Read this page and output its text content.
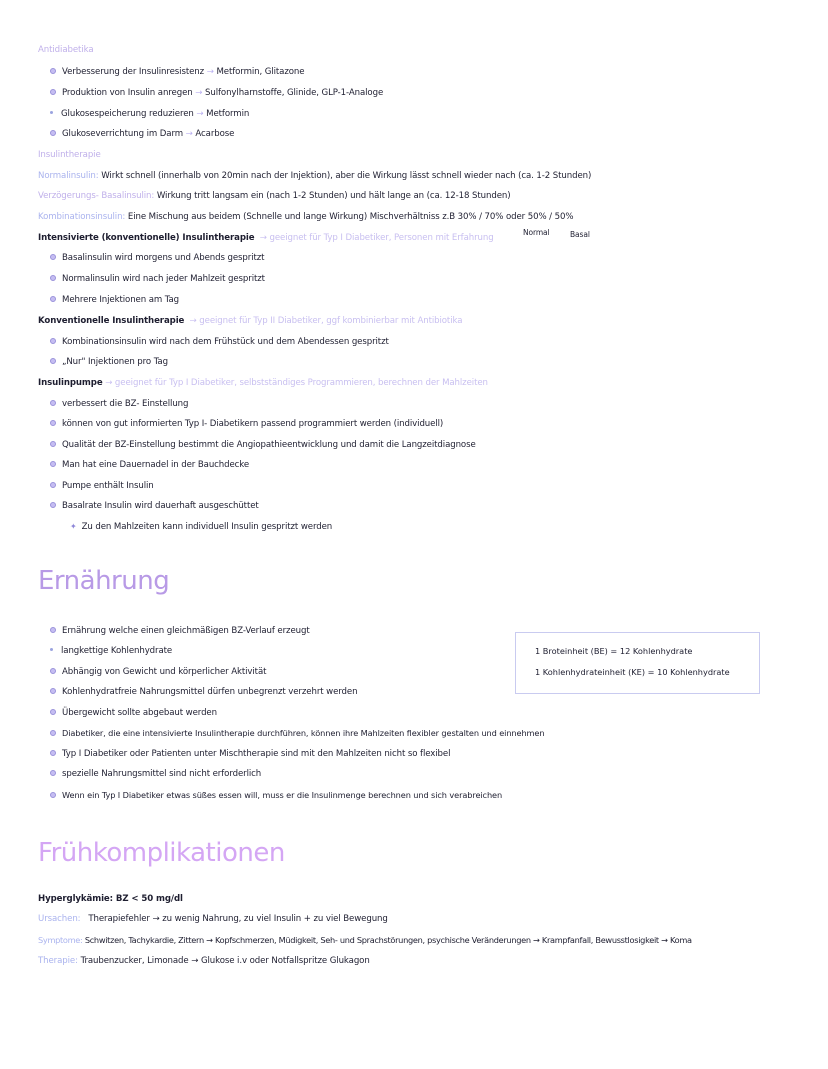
Antidiabetika
Verbesserung der Insulinresistenz → Metformin, Glitazone
Produktion von Insulin anregen → Sulfonylharnstoffe, Glinide, GLP-1-Analoge
Glukosespeicherung reduzieren → Metformin
Glukoseverrichtung im Darm → Acarbose
Insulintherapie
Normalinsulin: Wirkt schnell (innerhalb von 20min nach der Injektion), aber die Wirkung lässt schnell wieder nach (ca. 1-2 Stunden)
Verzögerungs- Basalinsulin: Wirkung tritt langsam ein (nach 1-2 Stunden) und hält lange an (ca. 12-18 Stunden)
Kombinationsinsulin: Eine Mischung aus beidem (Schnelle und lange Wirkung) Mischverhältniss z.B 30% / 70% oder 50% / 50%
Normal	Basal
Intensivierte (konventionelle) Insulintherapie → geeignet für Typ I Diabetiker, Personen mit Erfahrung
Basalinsulin wird morgens und Abends gespritzt
Normalinsulin wird nach jeder Mahlzeit gespritzt
Mehrere Injektionen am Tag
Konventionelle Insulintherapie → geeignet für Typ II Diabetiker, ggf kombinierbar mit Antibiotika
Kombinationsinsulin wird nach dem Frühstück und dem Abendessen gespritzt
„Nur" Injektionen pro Tag
Insulinpumpe → geeignet für Typ I Diabetiker, selbstständiges Programmieren, berechnen der Mahlzeiten
verbessert die BZ- Einstellung
können von gut informierten Typ I- Diabetikern passend programmiert werden (individuell)
Qualität der BZ-Einstellung bestimmt die Angiopathieentwicklung und damit die Langzeitdiagnose
Man hat eine Dauernadel in der Bauchdecke
Pumpe enthält Insulin
Basalrate Insulin wird dauerhaft ausgeschüttet
✦ Zu den Mahlzeiten kann individuell Insulin gespritzt werden
Ernährung
Ernährung welche einen gleichmäßigen BZ-Verlauf erzeugt
langkettige Kohlenhydrate
Abhängig von Gewicht und körperlicher Aktivität
Kohlenhydratfreie Nahrungsmittel dürfen unbegrenzt verzehrt werden
Übergewicht sollte abgebaut werden
Diabetiker, die eine intensivierte Insulintherapie durchführen, können ihre Mahlzeiten flexibler gestalten und einnehmen
Typ I Diabetiker oder Patienten unter Mischtherapie sind mit den Mahlzeiten nicht so flexibel
spezielle Nahrungsmittel sind nicht erforderlich
Wenn ein Typ I Diabetiker etwas süßes essen will, muss er die Insulinmenge berechnen und sich verabreichen
1 Broteinheit (BE) = 12 Kohlenhydrate
1 Kohlenhydrateinheit (KE) = 10 Kohlenhydrate
Frühkomplikationen
Hyperglykämie: BZ < 50 mg/dl
Ursachen: Therapiefehler → zu wenig Nahrung, zu viel Insulin + zu viel Bewegung
Symptome: Schwitzen, Tachykardie, Zittern → Kopfschmerzen, Müdigkeit, Seh- und Sprachstörungen, psychische Veränderungen → Krampfanfall, Bewusstlosigkeit → Koma
Therapie: Traubenzucker, Limonade → Glukose i.v oder Notfallspritze Glukagon
